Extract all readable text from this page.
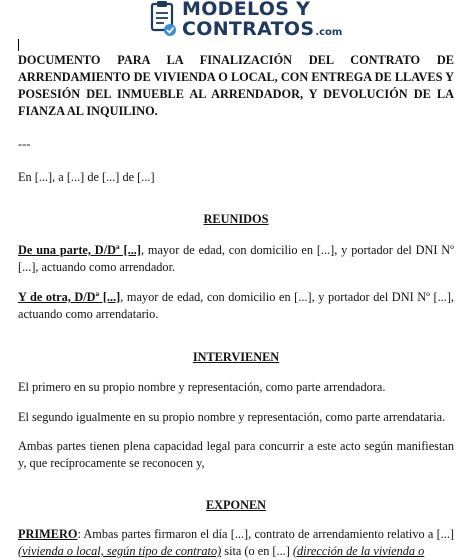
MODELOS Y
CONTRATOS.com

DOCUMENTO PARA LA FINALIZACIÓN DEL CONTRATO DE ARRENDAMIENTO DE VIVIENDA O LOCAL, CON ENTREGA DE LLAVES Y POSESIÓN DEL INMUEBLE AL ARRENDADOR, Y DEVOLUCIÓN DE LA FIANZA AL INQUILINO.

---

En [...], a [...] de [...] de [...]

REUNIDOS

De una parte, D/Dª [...], mayor de edad, con domicilio en [...], y portador del DNI Nº [...], actuando como arrendador.

Y de otra, D/Dª [...], mayor de edad, con domicilio en [...], y portador del DNI Nº [...], actuando como arrendatario.

INTERVIENEN

El primero en su propio nombre y representación, como parte arrendadora.

El segundo igualmente en su propio nombre y representación, como parte arrendataria.

Ambas partes tienen plena capacidad legal para concurrir a este acto según manifiestan y, que recíprocamente se reconocen y,

EXPONEN

PRIMERO: Ambas partes firmaron el día [...], contrato de arrendamiento relativo a [...] (vivienda o local, según tipo de contrato) sita (o en [...] (dirección de la vivienda o
